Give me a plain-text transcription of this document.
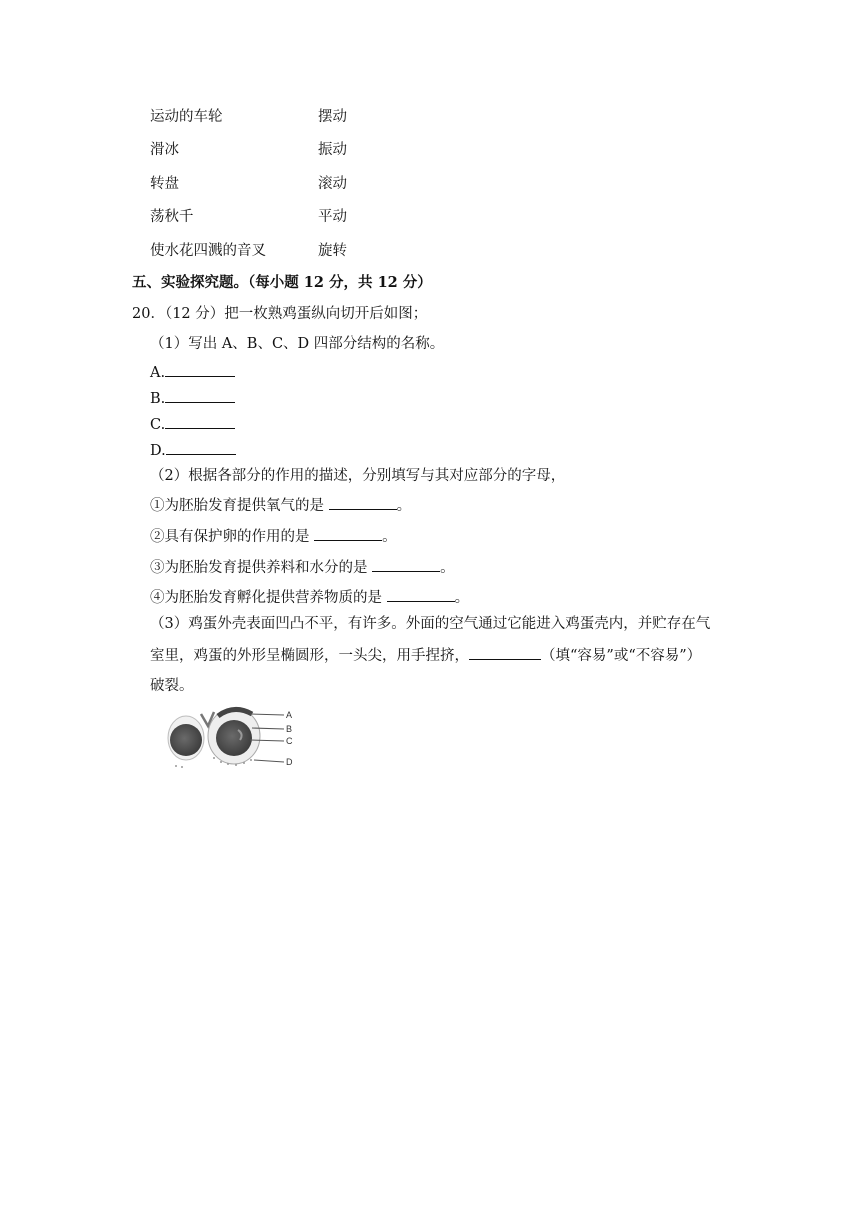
运动的车轮	摆动
滑冰	振动
转盘	滚动
荡秋千	平动
使水花四溅的音叉	旋转
五、实验探究题。（每小题 12 分，共 12 分）
20．（12 分）把一枚熟鸡蛋纵向切开后如图；
（1）写出 A、B、C、D 四部分结构的名称。
A.
B.
C.
D.
（2）根据各部分的作用的描述，分别填写与其对应部分的字母，
①为胚胎发育提供氧气的是	。
②具有保护卵的作用的是	。
③为胚胎发育提供养料和水分的是	。
④为胚胎发育孵化提供营养物质的是	。
（3）鸡蛋外壳表面凹凸不平，有许多。外面的空气通过它能进入鸡蛋壳内，并贮存在气
室里，鸡蛋的外形呈椭圆形，一头尖，用手捏挤，	（填“容易”或“不容易”）
破裂。
A
B
C
D
